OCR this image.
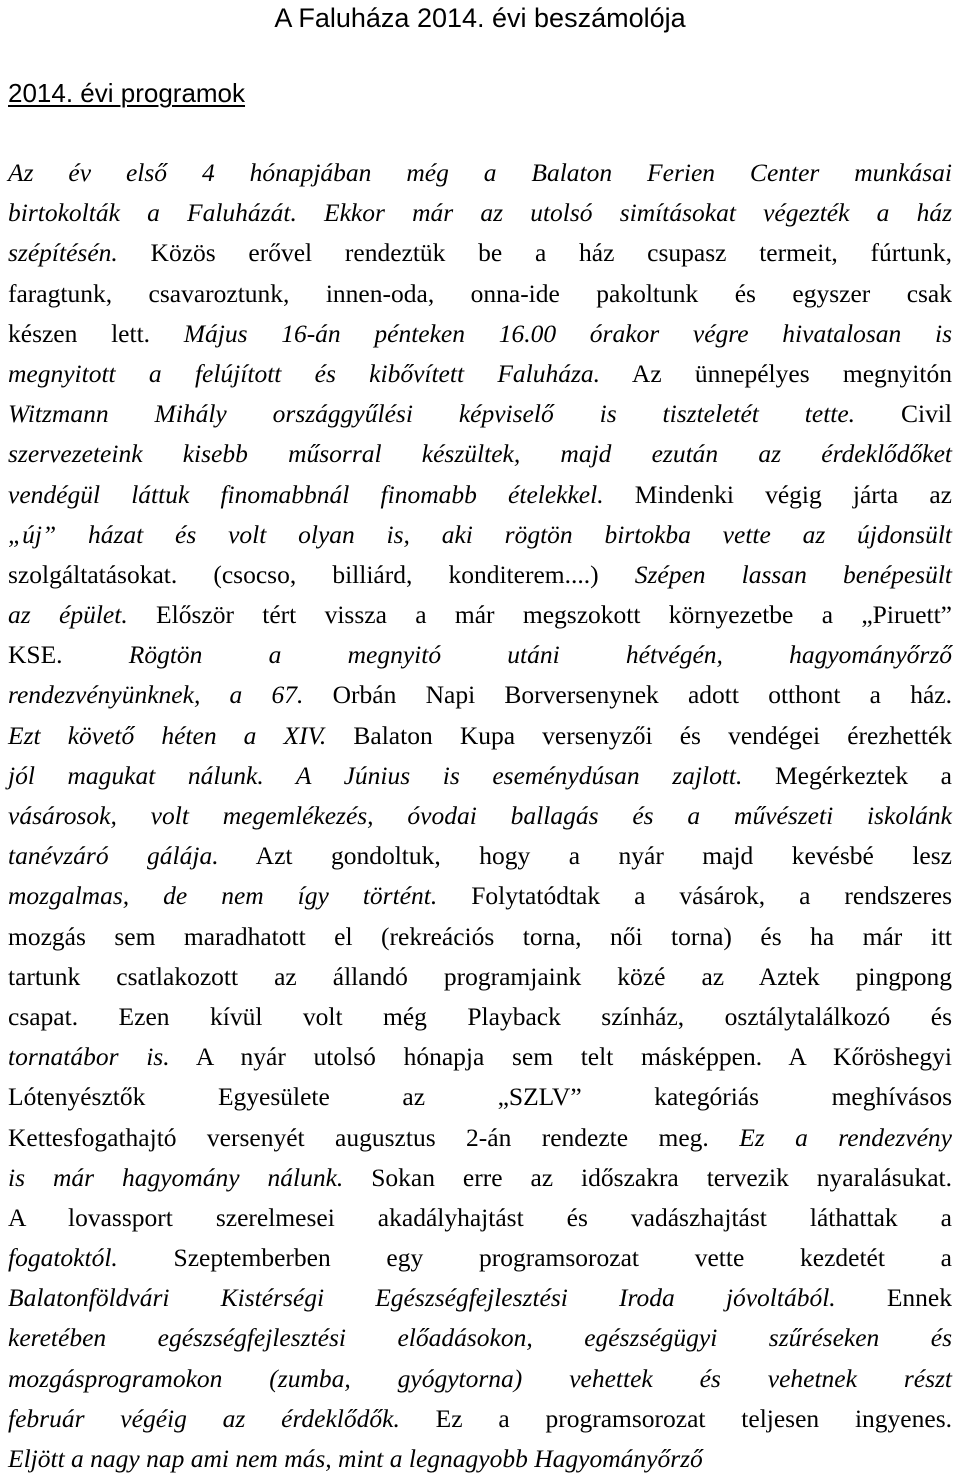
A Faluháza 2014. évi beszámolója
2014. évi programok
Az év első 4 hónapjában még a Balaton Ferien Center munkásai
birtokolták a Faluházát. Ekkor már az utolsó simításokat végezték a ház
szépítésén. Közös erővel rendeztük be a ház csupasz termeit, fúrtunk,
faragtunk, csavaroztunk, innen-oda, onna-ide pakoltunk és egyszer csak
készen lett. Május 16-án pénteken 16.00 órakor végre hivatalosan is
megnyitott a felújított és kibővített Faluháza. Az ünnepélyes megnyitón
Witzmann Mihály országgyűlési képviselő is tiszteletét tette. Civil
szervezeteink kisebb műsorral készültek, majd ezután az érdeklődőket
vendégül láttuk finomabbnál finomabb ételekkel. Mindenki végig járta az
„új” házat és volt olyan is, aki rögtön birtokba vette az újdonsült
szolgáltatásokat. (csocso, billiárd, konditerem....) Szépen lassan benépesült
az épület. Először tért vissza a már megszokott környezetbe a „Piruett”
KSE. Rögtön a megnyitó utáni hétvégén, hagyományőrző
rendezvényünknek, a 67. Orbán Napi Borversenynek adott otthont a ház.
Ezt követő héten a XIV. Balaton Kupa versenyzői és vendégei érezhették
jól magukat nálunk. A Június is eseménydúsan zajlott. Megérkeztek a
vásárosok, volt megemlékezés, óvodai ballagás és a művészeti iskolánk
tanévzáró gálája. Azt gondoltuk, hogy a nyár majd kevésbé lesz
mozgalmas, de nem így történt. Folytatódtak a vásárok, a rendszeres
mozgás sem maradhatott el (rekreációs torna, női torna) és ha már itt
tartunk csatlakozott az állandó programjaink közé az Aztek pingpong
csapat. Ezen kívül volt még Playback színház, osztálytalálkozó és
tornatábor is. A nyár utolsó hónapja sem telt másképpen. A Kőröshegyi
Lótenyésztők Egyesülete az „SZLV” kategóriás meghívásos
Kettesfogathajtó versenyét augusztus 2-án rendezte meg. Ez a rendezvény
is már hagyomány nálunk. Sokan erre az időszakra tervezik nyaralásukat.
A lovassport szerelmesei akadályhajtást és vadászhajtást láthattak a
fogatoktól. Szeptemberben egy programsorozat vette kezdetét a
Balatonföldvári Kistérségi Egészségfejlesztési Iroda jóvoltából. Ennek
keretében egészségfejlesztési előadásokon, egészségügyi szűréseken és
mozgásprogramokon (zumba, gyógytorna) vehettek és vehetnek részt
február végéig az érdeklődők. Ez a programsorozat teljesen ingyenes.
Eljött a nagy nap ami nem más, mint a legnagyobb Hagyományőrző
